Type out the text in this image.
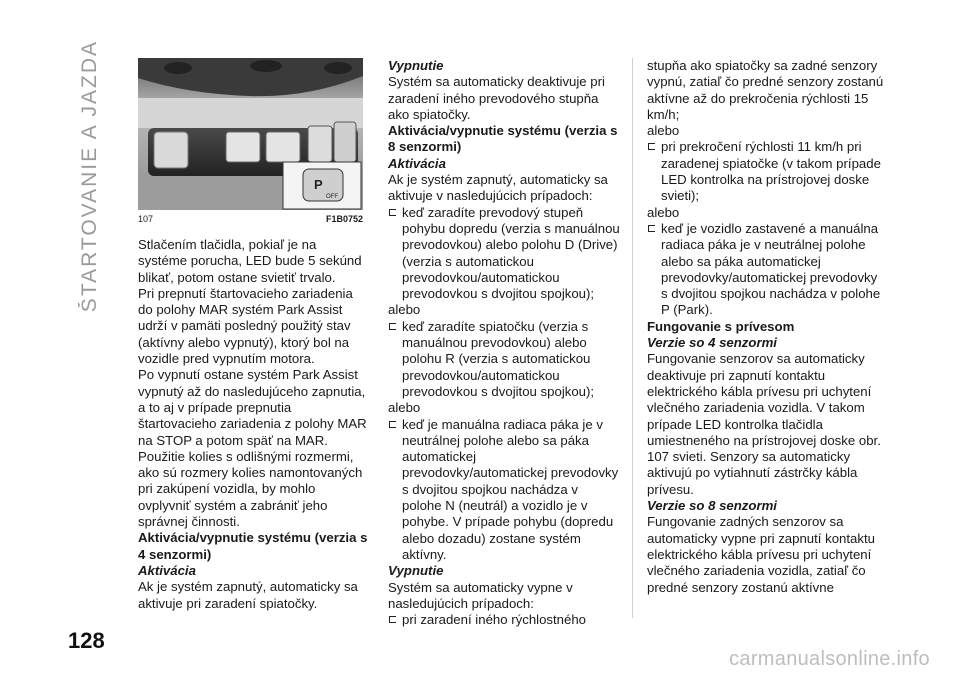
ŠTARTOVANIE A JAZDA	P
OFF
107	F1B0752

Stlačením tlačidla, pokiaľ je na systéme porucha, LED bude 5 sekúnd blikať, potom ostane svietiť trvalo.

Pri prepnutí štartovacieho zariadenia do polohy MAR systém Park Assist udrží v pamäti posledný použitý stav (aktívny alebo vypnutý), ktorý bol na vozidle pred vypnutím motora.

Po vypnutí ostane systém Park Assist vypnutý až do nasledujúceho zapnutia, a to aj v prípade prepnutia štartovacieho zariadenia z polohy MAR na STOP a potom späť na MAR.

Použitie kolies s odlišnými rozmermi, ako sú rozmery kolies namontovaných pri zakúpení vozidla, by mohlo ovplyvniť systém a zabrániť jeho správnej činnosti.

Aktivácia/vypnutie systému (verzia s 4 senzormi)

Aktivácia

Ak je systém zapnutý, automaticky sa aktivuje pri zaradení spiatočky.

Vypnutie

Systém sa automaticky deaktivuje pri zaradení iného prevodového stupňa ako spiatočky.

Aktivácia/vypnutie systému (verzia s 8 senzormi)

Aktivácia

Ak je systém zapnutý, automaticky sa aktivuje v nasledujúcich prípadoch:

keď zaradíte prevodový stupeň pohybu dopredu (verzia s manuálnou prevodovkou) alebo polohu D (Drive) (verzia s automatickou prevodovkou/automatickou prevodovkou s dvojitou spojkou);

alebo

keď zaradíte spiatočku (verzia s manuálnou prevodovkou) alebo polohu R (verzia s automatickou prevodovkou/automatickou prevodovkou s dvojitou spojkou);

alebo

keď je manuálna radiaca páka je v neutrálnej polohe alebo sa páka automatickej prevodovky/automatickej prevodovky s dvojitou spojkou nachádza v polohe N (neutrál) a vozidlo je v pohybe. V prípade pohybu (dopredu alebo dozadu) zostane systém aktívny.

Vypnutie

Systém sa automaticky vypne v nasledujúcich prípadoch:

pri zaradení iného rýchlostného

stupňa ako spiatočky sa zadné senzory vypnú, zatiaľ čo predné senzory zostanú aktívne až do prekročenia rýchlosti 15 km/h;

alebo

pri prekročení rýchlosti 11 km/h pri zaradenej spiatočke (v takom prípade LED kontrolka na prístrojovej doske svieti);

alebo

keď je vozidlo zastavené a manuálna radiaca páka je v neutrálnej polohe alebo sa páka automatickej prevodovky/automatickej prevodovky s dvojitou spojkou nachádza v polohe P (Park).

Fungovanie s prívesom

Verzie so 4 senzormi

Fungovanie senzorov sa automaticky deaktivuje pri zapnutí kontaktu elektrického kábla prívesu pri uchytení vlečného zariadenia vozidla. V takom prípade LED kontrolka tlačidla umiestneného na prístrojovej doske obr. 107 svieti. Senzory sa automaticky aktivujú po vytiahnutí zástrčky kábla prívesu.

Verzie so 8 senzormi

Fungovanie zadných senzorov sa automaticky vypne pri zapnutí kontaktu elektrického kábla prívesu pri uchytení vlečného zariadenia vozidla, zatiaľ čo predné senzory zostanú aktívne

128
carmanualsonline.info
